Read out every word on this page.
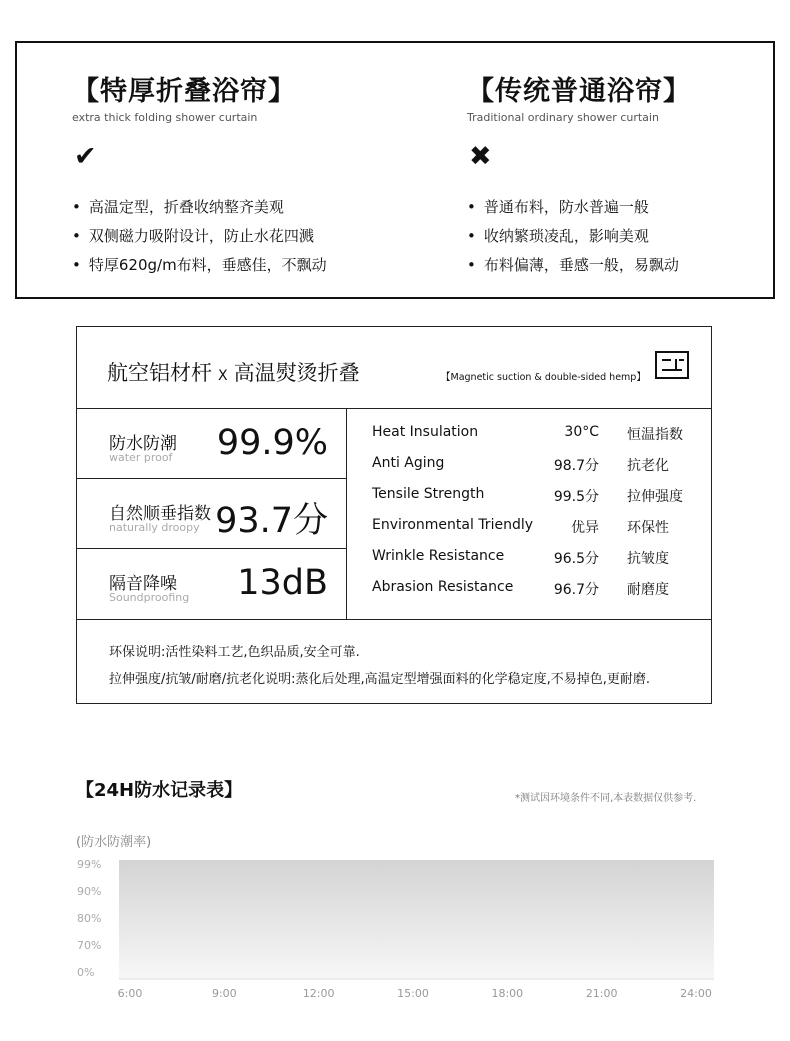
【特厚折叠浴帘】
extra thick folding shower curtain
✔
• 高温定型，折叠收纳整齐美观
• 双侧磁力吸附设计，防止水花四溅
• 特厚620g/m布料，垂感佳，不飘动
【传统普通浴帘】
Traditional ordinary shower curtain
✖
• 普通布料，防水普遍一般
• 收纳繁琐凌乱，影响美观
• 布料偏薄，垂感一般，易飘动
航空铝材杆 X 高温熨烫折叠	【Magnetic suction & double-sided hemp】
防水防潮
water proof 99.9%
自然顺垂指数
naturally droopy 93.7分
隔音降噪
Soundproofing 13dB
Heat Insulation	30°C 恒温指数
Anti Aging	98.7分 抗老化
Tensile Strength	99.5分 拉伸强度
Environmental Triendly	优异 环保性
Wrinkle Resistance	96.5分 抗皱度
Abrasion Resistance	96.7分 耐磨度

环保说明:活性染料工艺,色织品质,安全可靠.

拉伸强度/抗皱/耐磨/抗老化说明:蒸化后处理,高温定型增强面料的化学稳定度,不易掉色,更耐磨.

【24H防水记录表】	*测试因环境条件不同,本表数据仅供参考.
(防水防潮率)
99%
90%
80%
70%
0%
6:00	9:00	12:00	15:00	18:00	21:00	24:00
